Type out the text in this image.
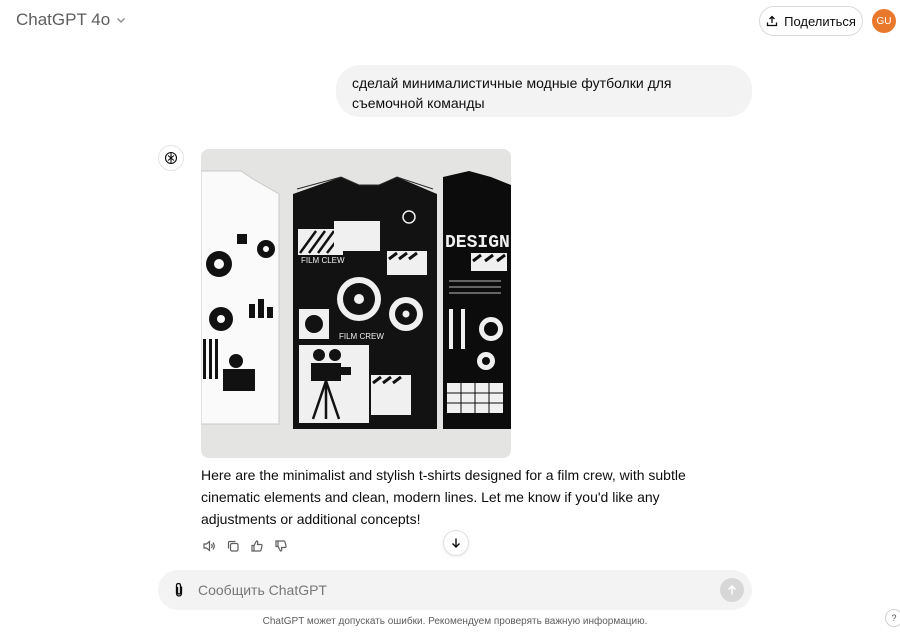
ChatGPT 4o	Поделиться	GU
сделай минималистичные модные футболки для съемочной команды
FILM CLEW
FILM CREW
DESIGN
Here are the minimalist and stylish t-shirts designed for a film crew, with subtle cinematic elements and clean, modern lines. Let me know if you'd like any adjustments or additional concepts!
Сообщить ChatGPT
ChatGPT может допускать ошибки. Рекомендуем проверять важную информацию.	?
